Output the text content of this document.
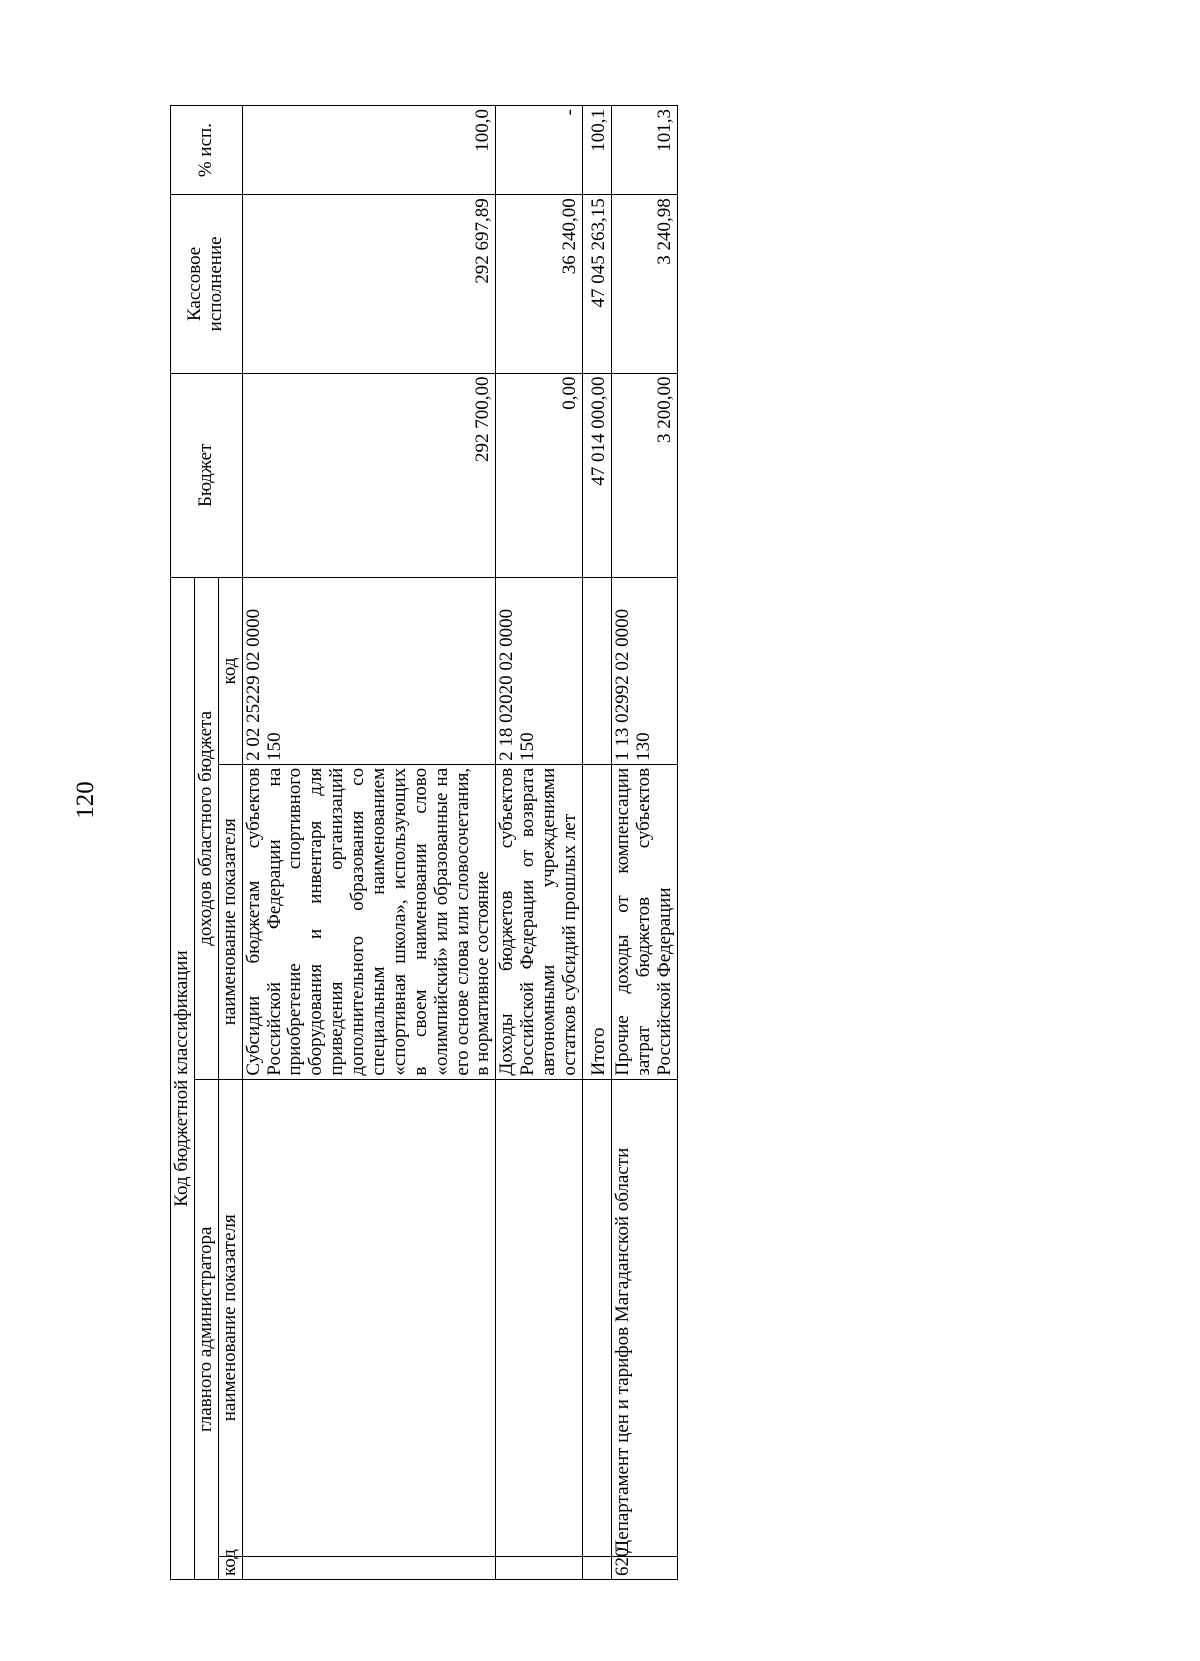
120
Код бюджетной классификации				Бюджет	Кассовое исполнение	% исп.
главного администратора		доходов областного бюджета				
код	наименование показателя	наименование показателя	код			
		Субсидии бюджетам субъектов Российской Федерации на приобретение спортивного оборудования и инвентаря для приведения организаций дополнительного образования со специальным наименованием «спортивная школа», использующих в своем наименовании слово «олимпийский» или образованные на его основе слова или словосочетания, в нормативное состояние	2 02 25229 02 0000 150	292 700,00	292 697,89	100,0
		Доходы бюджетов субъектов Российской Федерации от возврата автономными учреждениями остатков субсидий прошлых лет	2 18 02020 02 0000 150	0,00	36 240,00	-
		Итого		47 014 000,00	47 045 263,15	100,1
620	Департамент цен и тарифов Магаданской области	Прочие доходы от компенсации затрат бюджетов субъектов Российской Федерации	1 13 02992 02 0000 130	3 200,00	3 240,98	101,3
